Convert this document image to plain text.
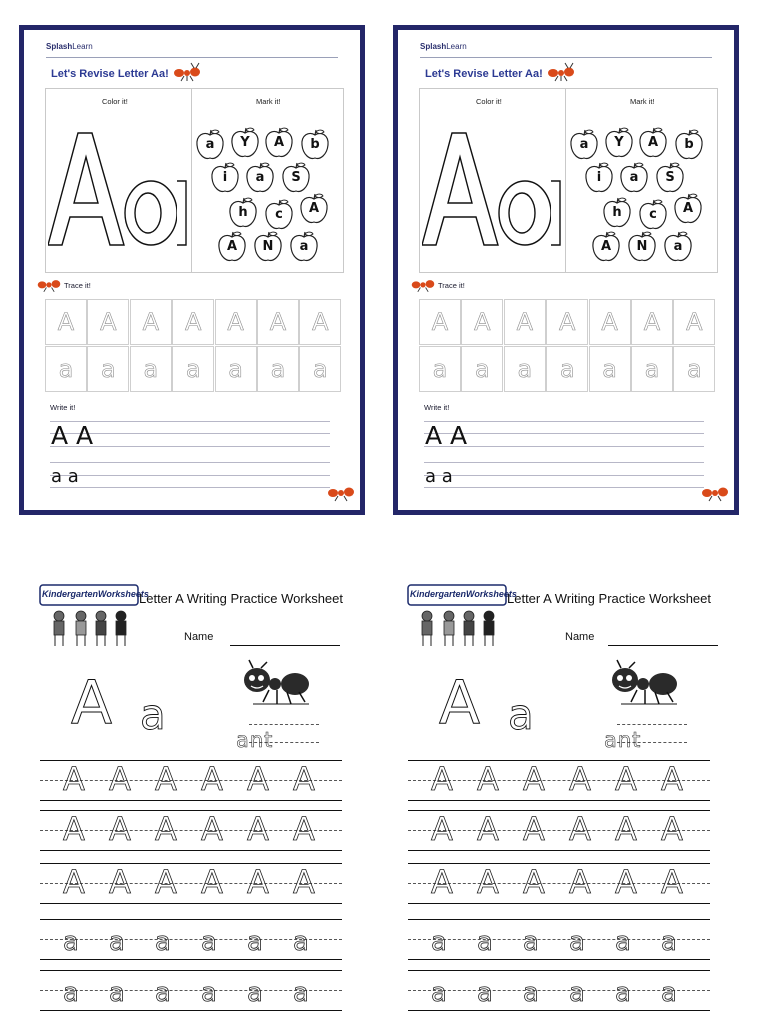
SplashLearn
Let's Revise Letter Aa!
Color it!	Mark it!
a	Y	A	b
i	a	S
h	c	A
A	N	a
Trace it!
A	A	A	A	A	A	A
a	a	a	a	a	a	a
Write it!
A A
a a
SplashLearn
Let's Revise Letter Aa!
Color it!	Mark it!
a	Y	A	b
i	a	S
h	c	A
A	N	a
Trace it!
A	A	A	A	A	A	A
a	a	a	a	a	a	a
Write it!
A A
a a
KindergartenWorksheets
Letter A Writing Practice Worksheet
Name
A a
ant
A A A A A A
A A A A A A
A A A A A A
a a a a a a
a a a a a a
KindergartenWorksheets
Letter A Writing Practice Worksheet
Name
A a
ant
A A A A A A
A A A A A A
A A A A A A
a a a a a a
a a a a a a
